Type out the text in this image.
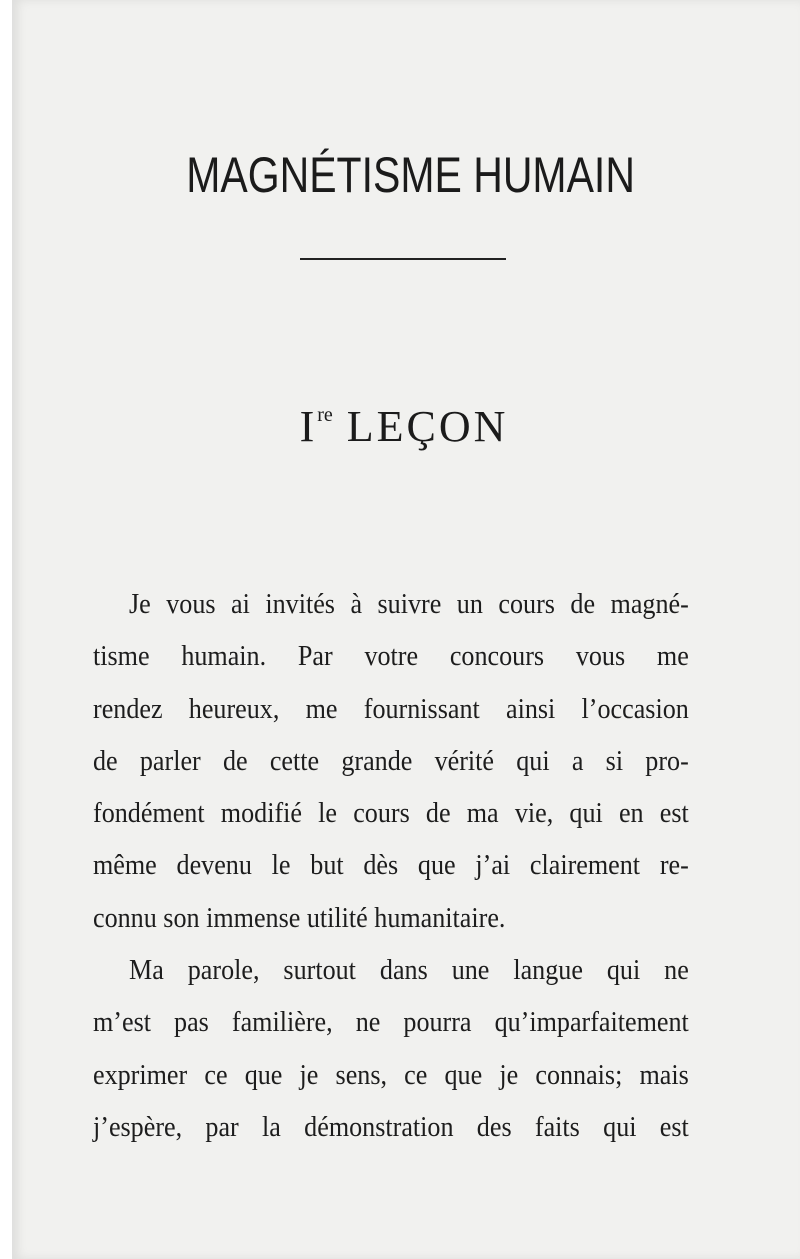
MAGNÉTISME HUMAIN
Ire LEÇON
Je vous ai invités à suivre un cours de magné-
tisme humain. Par votre concours vous me
rendez heureux, me fournissant ainsi l’occasion
de parler de cette grande vérité qui a si pro-
fondément modifié le cours de ma vie, qui en est
même devenu le but dès que j’ai clairement re-
connu son immense utilité humanitaire.
Ma parole, surtout dans une langue qui ne
m’est pas familière, ne pourra qu’imparfaitement
exprimer ce que je sens, ce que je connais; mais
j’espère, par la démonstration des faits qui est
